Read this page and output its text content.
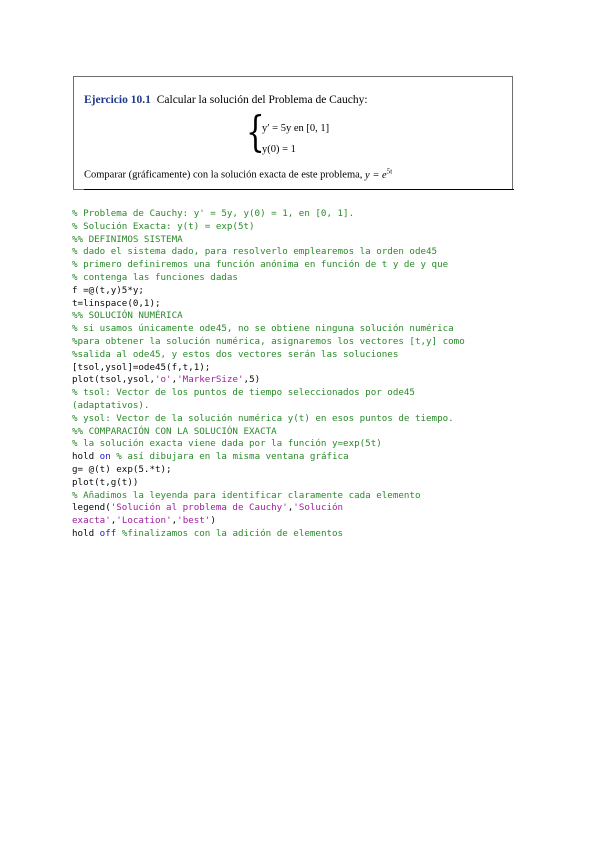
Ejercicio 10.1 Calcular la solución del Problema de Cauchy:
{
y′ = 5y en [0, 1]
y(0) = 1
Comparar (gráficamente) con la solución exacta de este problema, $y = e^{5t}$
% Problema de Cauchy: y' = 5y, y(0) = 1, en [0, 1].
% Solución Exacta: y(t) = exp(5t)
%% DEFINIMOS SISTEMA
% dado el sistema dado, para resolverlo emplearemos la orden ode45
% primero definiremos una función anónima en función de t y de y que
% contenga las funciones dadas
f =@(t,y)5*y;
t=linspace(0,1);
%% SOLUCIÓN NUMÉRICA
% si usamos únicamente ode45, no se obtiene ninguna solución numérica
%para obtener la solución numérica, asignaremos los vectores [t,y] como
%salida al ode45, y estos dos vectores serán las soluciones
[tsol,ysol]=ode45(f,t,1);
plot(tsol,ysol,'o','MarkerSize',5)
% tsol: Vector de los puntos de tiempo seleccionados por ode45
(adaptativos).
% ysol: Vector de la solución numérica y(t) en esos puntos de tiempo.
%% COMPARACIÓN CON LA SOLUCIÓN EXACTA
% la solución exacta viene dada por la función y=exp(5t)
hold on % así dibujara en la misma ventana gráfica
g= @(t) exp(5.*t);
plot(t,g(t))
% Añadimos la leyenda para identificar claramente cada elemento
legend('Solución al problema de Cauchy','Solución
exacta','Location','best')
hold off %finalizamos con la adición de elementos
